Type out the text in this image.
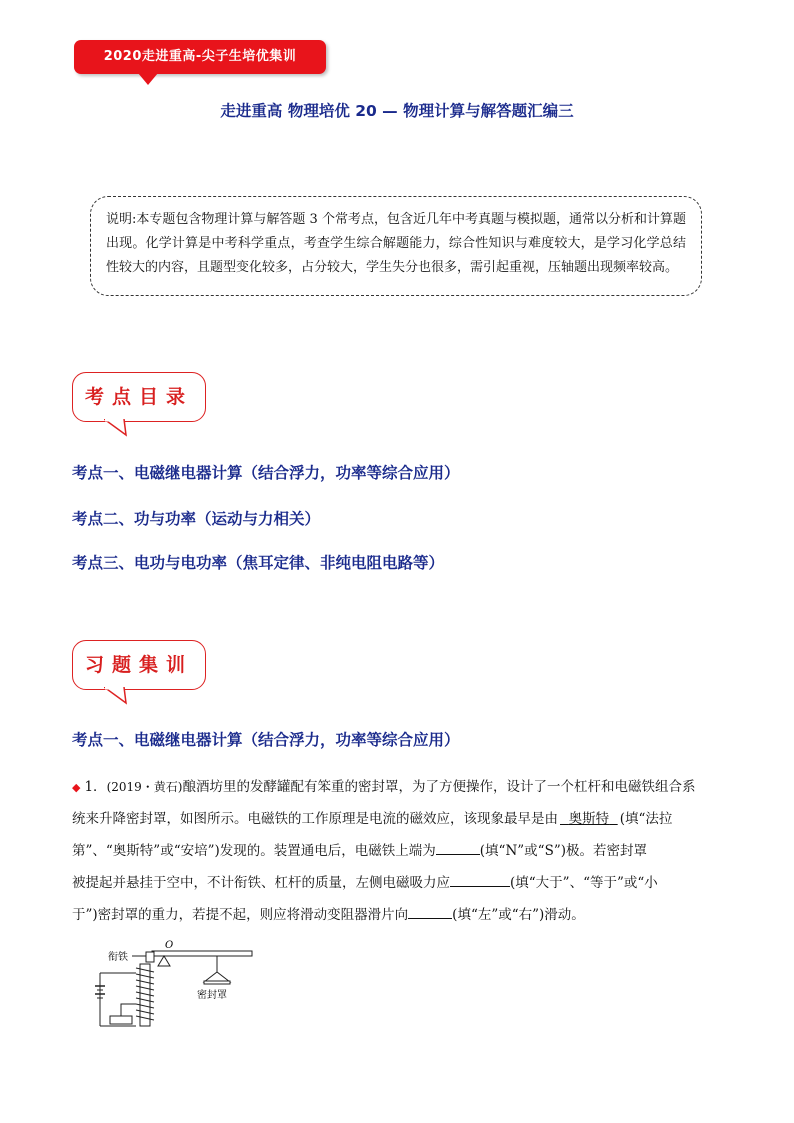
2020走进重高-尖子生培优集训
走进重高 物理培优 20 — 物理计算与解答题汇编三
说明:本专题包含物理计算与解答题 3 个常考点，包含近几年中考真题与模拟题，通常以分析和计算题出现。化学计算是中考科学重点，考查学生综合解题能力，综合性知识与难度较大，是学习化学总结性较大的内容，且题型变化较多，占分较大，学生失分也很多，需引起重视，压轴题出现频率较高。
考点目录
考点一、电磁继电器计算（结合浮力，功率等综合应用）
考点二、功与功率（运动与力相关）
考点三、电功与电功率（焦耳定律、非纯电阻电路等）
习题集训
考点一、电磁继电器计算（结合浮力，功率等综合应用）
◆ 1．(2019・黄石)酿酒坊里的发酵罐配有笨重的密封罩，为了方便操作，设计了一个杠杆和电磁铁组合系
统来升降密封罩，如图所示。电磁铁的工作原理是电流的磁效应，该现象最早是由 奥斯特 (填“法拉
第”、“奥斯特”或“安培”)发现的。装置通电后，电磁铁上端为	(填“N”或“S”)极。若密封罩
被提起并悬挂于空中，不计衔铁、杠杆的质量，左侧电磁吸力应	(填“大于”、“等于”或“小
于”)密封罩的重力，若提不起，则应将滑动变阻器滑片向	(填“左”或“右”)滑动。
衔铁
O
密封罩
